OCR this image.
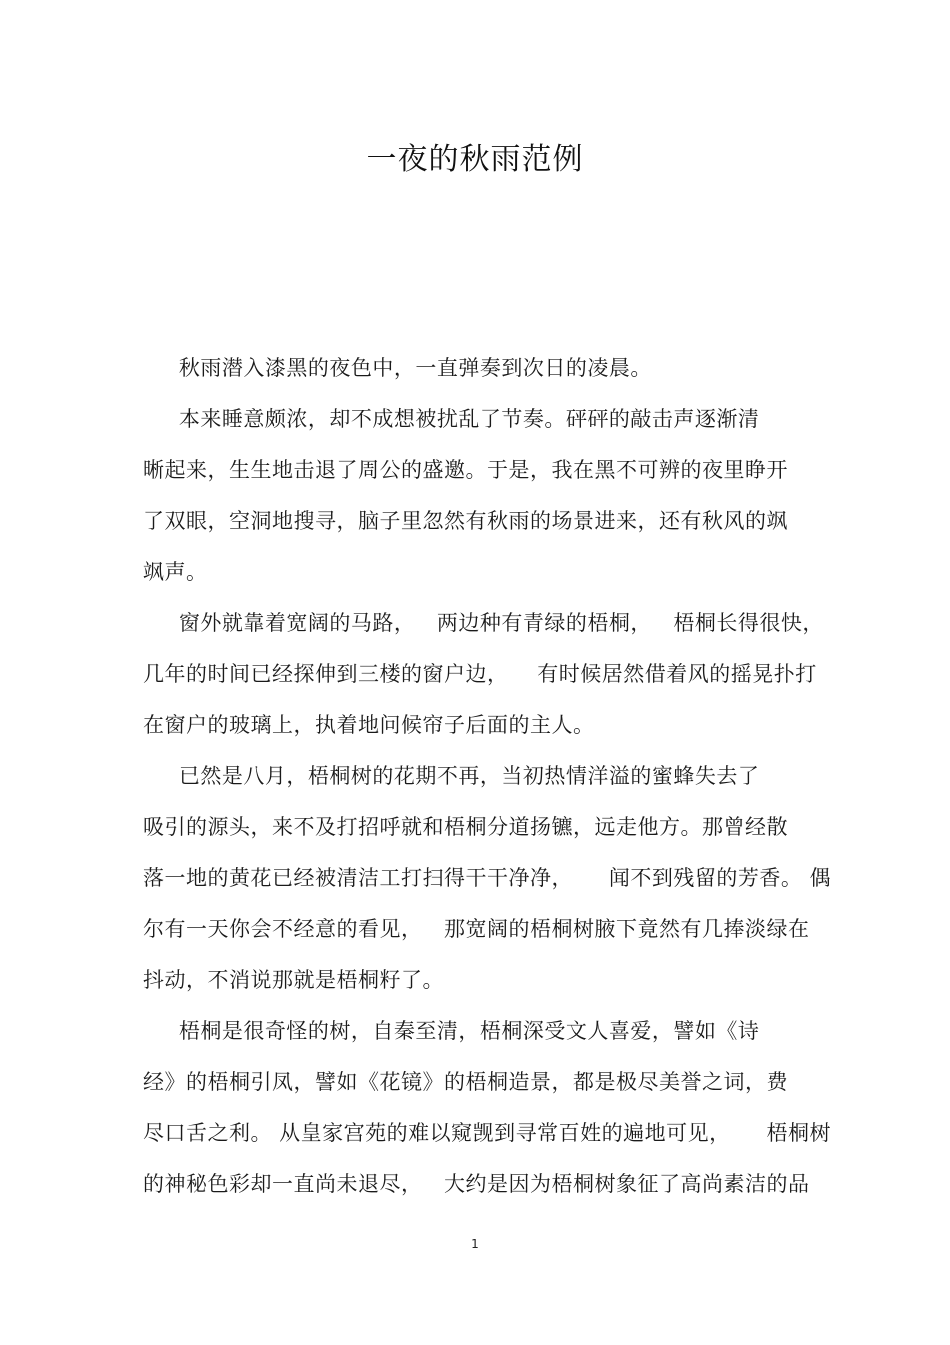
一夜的秋雨范例
秋雨潜入漆黑的夜色中，一直弹奏到次日的凌晨。
本来睡意颇浓，却不成想被扰乱了节奏。砰砰的敲击声逐渐清
晰起来，生生地击退了周公的盛邀。于是，我在黑不可辨的夜里睁开
了双眼，空洞地搜寻，脑子里忽然有秋雨的场景进来，还有秋风的飒
飒声。
窗外就靠着宽阔的马路，   两边种有青绿的梧桐，   梧桐长得很快，
几年的时间已经探伸到三楼的窗户边，    有时候居然借着风的摇晃扑打
在窗户的玻璃上，执着地问候帘子后面的主人。
已然是八月，梧桐树的花期不再，当初热情洋溢的蜜蜂失去了
吸引的源头，来不及打招呼就和梧桐分道扬镳，远走他方。那曾经散
落一地的黄花已经被清洁工打扫得干干净净，     闻不到残留的芳香。 偶
尔有一天你会不经意的看见，   那宽阔的梧桐树腋下竟然有几捧淡绿在
抖动，不消说那就是梧桐籽了。
梧桐是很奇怪的树，自秦至清，梧桐深受文人喜爱，譬如《诗
经》的梧桐引凤，譬如《花镜》的梧桐造景，都是极尽美誉之词，费
尽口舌之利。 从皇家宫苑的难以窥觊到寻常百姓的遍地可见，     梧桐树
的神秘色彩却一直尚未退尽，   大约是因为梧桐树象征了高尚素洁的品
1
